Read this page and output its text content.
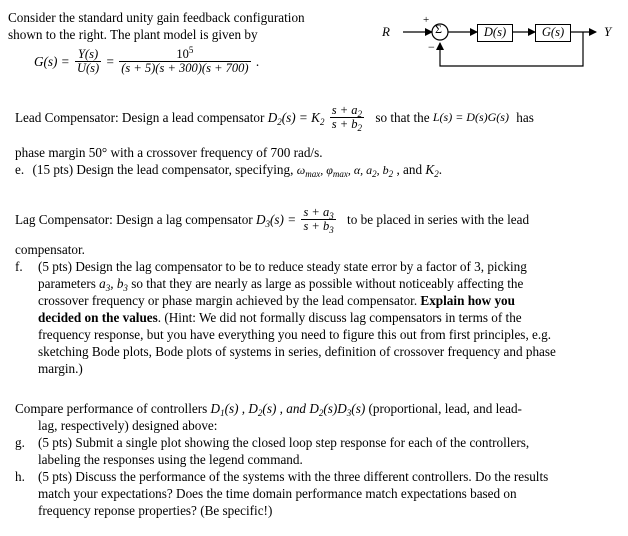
Consider the standard unity gain feedback configuration
shown to the right. The plant model is given by
$G(s) = \frac{Y(s)}{U(s)} = \frac{10^5}{(s + 5)(s + 300)(s + 700)}$ .
R	Σ
+
−
D(s)	G(s)	Y
Lead Compensator: Design a lead compensator $D_2(s) = K_2 \frac{s + a_2}{s + b_2}$ so that the L(s) = D(s)G(s) has
phase margin 50° with a crossover frequency of 700 rad/s.
e. (15 pts) Design the lead compensator, specifying, $\omega_{max}$, $\varphi_{max}$, α, $a_2$, $b_2$ , and $K_2$.
Lag Compensator: Design a lag compensator $D_3(s) = \frac{s + a_3}{s + b_3}$ to be placed in series with the lead
compensator.
f. (5 pts) Design the lag compensator to be to reduce steady state error by a factor of 3, picking
parameters $a_3$, $b_3$ so that they are nearly as large as possible without noticeably affecting the
crossover frequency or phase margin achieved by the lead compensator. Explain how you
decided on the values. (Hint: We did not formally discuss lag compensators in terms of the
frequency response, but you have everything you need to figure this out from first principles, e.g.
sketching Bode plots, Bode plots of systems in series, definition of crossover frequency and phase
margin.)
Compare performance of controllers $D_1(s)$ , $D_2(s)$ , and $D_2(s)D_3(s)$ (proportional, lead, and lead-
lag, respectively) designed above:
g. (5 pts) Submit a single plot showing the closed loop step response for each of the controllers,
labeling the responses using the legend command.
h. (5 pts) Discuss the performance of the systems with the three different controllers. Do the results
match your expectations? Does the time domain performance match expectations based on
frequency reponse properties? (Be specific!)
